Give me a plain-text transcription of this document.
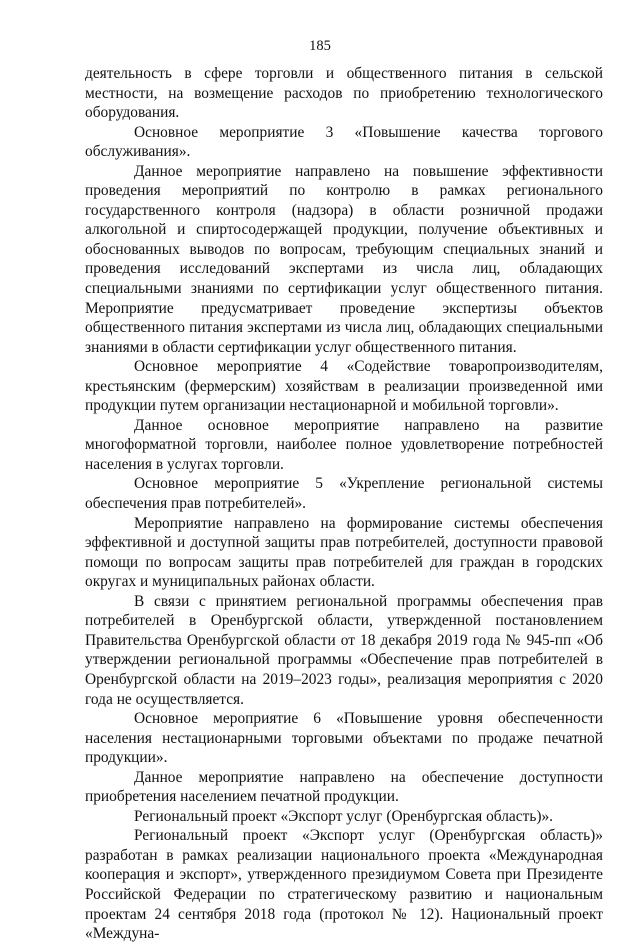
185

деятельность в сфере торговли и общественного питания в сельской местности, на возмещение расходов по приобретению технологического оборудования.

Основное мероприятие 3 «Повышение качества торгового обслуживания».

Данное мероприятие направлено на повышение эффективности проведения мероприятий по контролю в рамках регионального государственного контроля (надзора) в области розничной продажи алкогольной и спиртосодержащей продукции, получение объективных и обоснованных выводов по вопросам, требующим специальных знаний и проведения исследований экспертами из числа лиц, обладающих специальными знаниями по сертификации услуг общественного питания. Мероприятие предусматривает проведение экспертизы объектов общественного питания экспертами из числа лиц, обладающих специальными знаниями в области сертификации услуг общественного питания.

Основное мероприятие 4 «Содействие товаропроизводителям, крестьянским (фермерским) хозяйствам в реализации произведенной ими продукции путем организации нестационарной и мобильной торговли».

Данное основное мероприятие направлено на развитие многоформатной торговли, наиболее полное удовлетворение потребностей населения в услугах торговли.

Основное мероприятие 5 «Укрепление региональной системы обеспечения прав потребителей».

Мероприятие направлено на формирование системы обеспечения эффективной и доступной защиты прав потребителей, доступности правовой помощи по вопросам защиты прав потребителей для граждан в городских округах и муниципальных районах области.

В связи с принятием региональной программы обеспечения прав потребителей в Оренбургской области, утвержденной постановлением Правительства Оренбургской области от 18 декабря 2019 года № 945-пп «Об утверждении региональной программы «Обеспечение прав потребителей в Оренбургской области на 2019–2023 годы», реализация мероприятия с 2020 года не осуществляется.

Основное мероприятие 6 «Повышение уровня обеспеченности населения нестационарными торговыми объектами по продаже печатной продукции».

Данное мероприятие направлено на обеспечение доступности приобретения населением печатной продукции.

Региональный проект «Экспорт услуг (Оренбургская область)».

Региональный проект «Экспорт услуг (Оренбургская область)» разработан в рамках реализации национального проекта «Международная кооперация и экспорт», утвержденного президиумом Совета при Президенте Российской Федерации по стратегическому развитию и национальным проектам 24 сентября 2018 года (протокол № 12). Национальный проект «Междуна-
